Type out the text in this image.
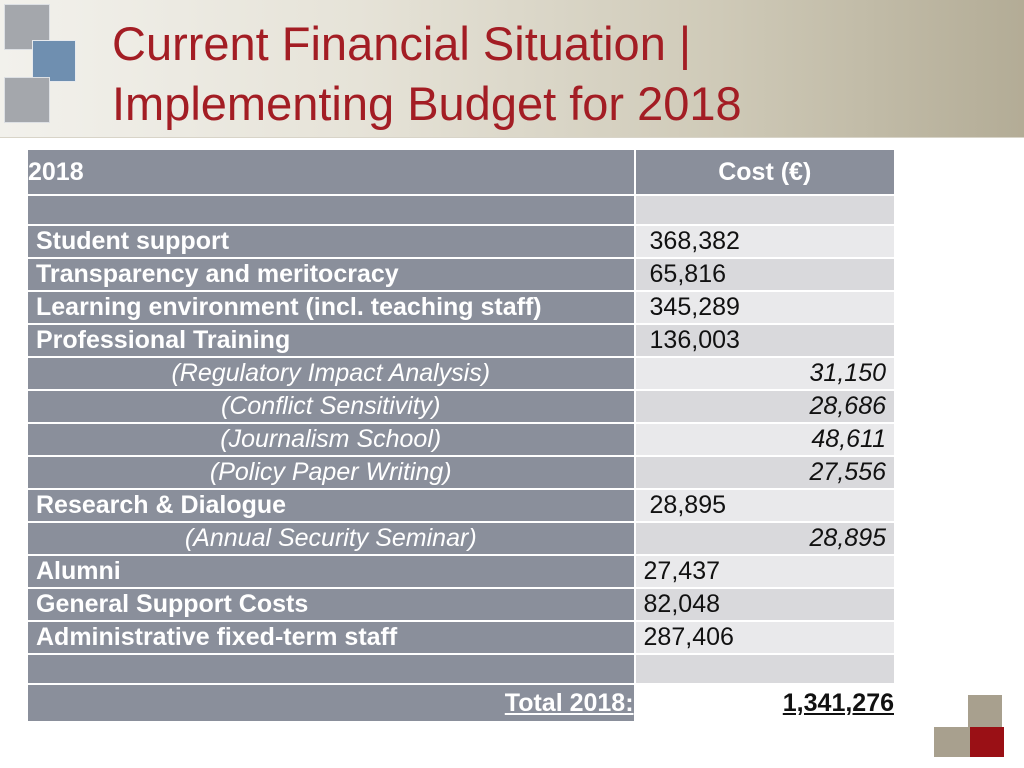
Current Financial Situation |
Implementing Budget for 2018
2018	Cost (€)

Student support	368,382
Transparency and meritocracy	65,816
Learning environment (incl. teaching staff)	345,289
Professional Training	136,003
(Regulatory Impact Analysis)	31,150
(Conflict Sensitivity)	28,686
(Journalism School)	48,611
(Policy Paper Writing)	27,556
Research & Dialogue	28,895
(Annual Security Seminar)	28,895
Alumni	27,437
General Support Costs	82,048
Administrative fixed-term staff	287,406

Total 2018:	1,341,276
